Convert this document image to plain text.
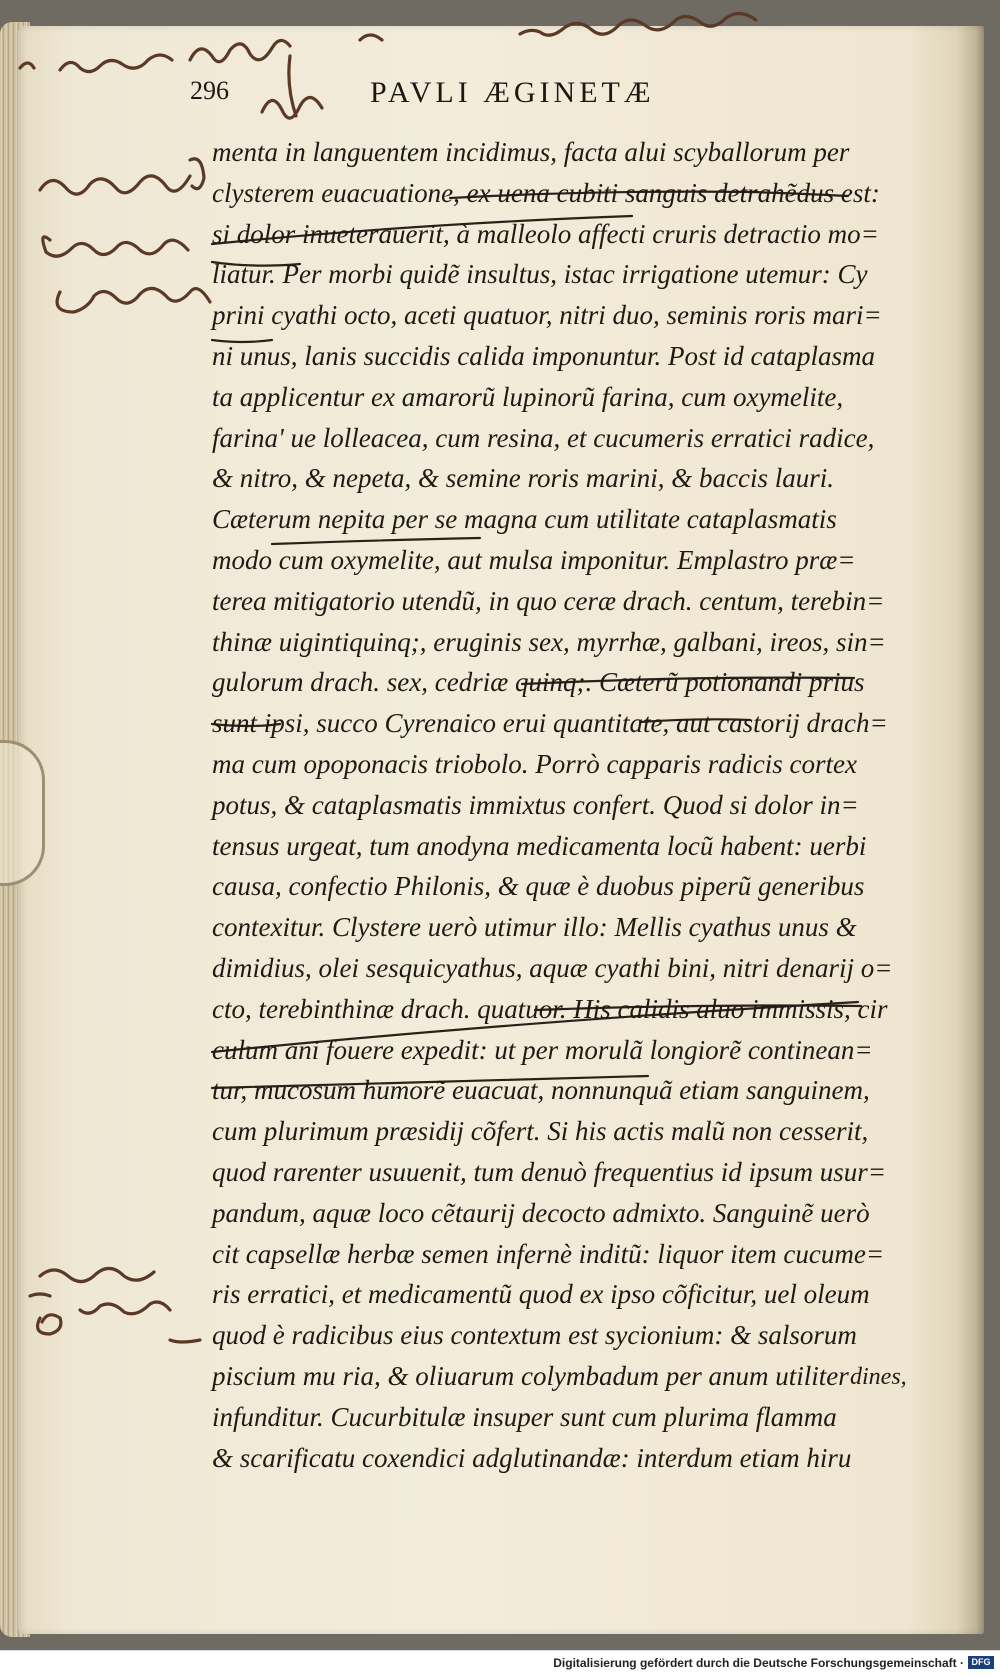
296	PAVLI ÆGINETÆ
menta in languentem incidimus, facta alui scyballorum per
clysterem euacuatione, ex uena cubiti sanguis detrahẽdus est:
si dolor inueterauerit, à malleolo affecti cruris detractio mo=
liatur. Per morbi quidẽ insultus, istac irrigatione utemur: Cy
prini cyathi octo, aceti quatuor, nitri duo, seminis roris mari=
ni unus, lanis succidis calida imponuntur. Post id cataplasma
ta applicentur ex amarorũ lupinorũ farina, cum oxymelite,
farina' ue lolleacea, cum resina, et cucumeris erratici radice,
& nitro, & nepeta, & semine roris marini, & baccis lauri.
Cæterum nepita per se magna cum utilitate cataplasmatis
modo cum oxymelite, aut mulsa imponitur. Emplastro præ=
terea mitigatorio utendũ, in quo ceræ drach. centum, terebin=
thinæ uigintiquinq;, eruginis sex, myrrhæ, galbani, ireos, sin=
gulorum drach. sex, cedriæ quinq;. Cæterũ potionandi prius
sunt ipsi, succo Cyrenaico erui quantitate, aut castorij drach=
ma cum opoponacis triobolo. Porrò capparis radicis cortex
potus, & cataplasmatis immixtus confert. Quod si dolor in=
tensus urgeat, tum anodyna medicamenta locũ habent: uerbi
causa, confectio Philonis, & quæ è duobus piperũ generibus
contexitur. Clystere uerò utimur illo: Mellis cyathus unus &
dimidius, olei sesquicyathus, aquæ cyathi bini, nitri denarij o=
cto, terebinthinæ drach. quatuor. His calidis aluo immissis, cir
culum ani fouere expedit: ut per morulã longiorẽ continean=
tur, mucosum humorẽ euacuat, nonnunquã etiam sanguinem,
cum plurimum præsidij cõfert. Si his actis malũ non cesserit,
quod rarenter usuuenit, tum denuò frequentius id ipsum usur=
pandum, aquæ loco cẽtaurij decocto admixto. Sanguinẽ uerò
cit capsellæ herbæ semen infernè inditũ: liquor item cucume=
ris erratici, et medicamentũ quod ex ipso cõficitur, uel oleum
quod è radicibus eius contextum est sycionium: & salsorum
piscium mu ria, & oliuarum colymbadum per anum utiliter
infunditur. Cucurbitulæ insuper sunt cum plurima flamma
& scarificatu coxendici adglutinandæ: interdum etiam hiru
dines,
Digitalisierung gefördert durch die Deutsche Forschungsgemeinschaft · DFG
